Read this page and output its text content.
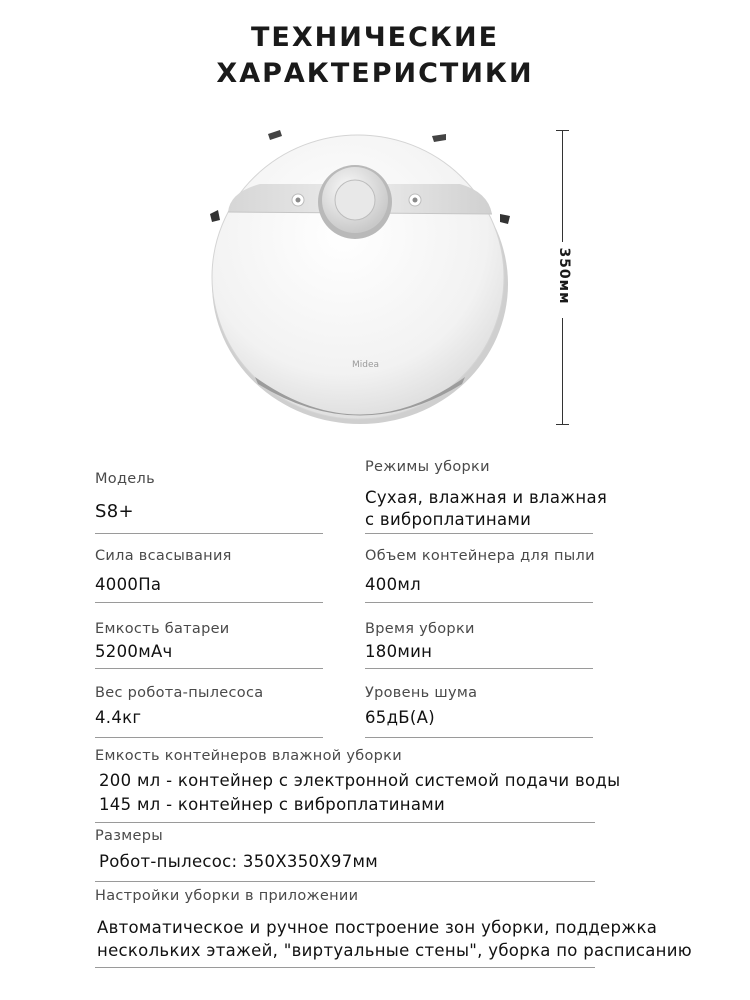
ТЕХНИЧЕСКИЕ
ХАРАКТЕРИСТИКИ
Midea
350мм
Модель
S8+
Режимы уборки
Сухая, влажная и влажная
с виброплатинами
Сила всасывания
4000Па
Объем контейнера для пыли
400мл
Емкость батареи
5200мАч
Время уборки
180мин
Вес робота-пылесоса
4.4кг
Уровень шума
65дБ(А)
Емкость контейнеров влажной уборки
200 мл - контейнер с электронной системой подачи воды
145 мл - контейнер с виброплатинами
Размеры
Робот-пылесос: 350X350X97мм
Настройки уборки в приложении
Автоматическое и ручное построение зон уборки, поддержка
нескольких этажей, "виртуальные стены", уборка по расписанию
